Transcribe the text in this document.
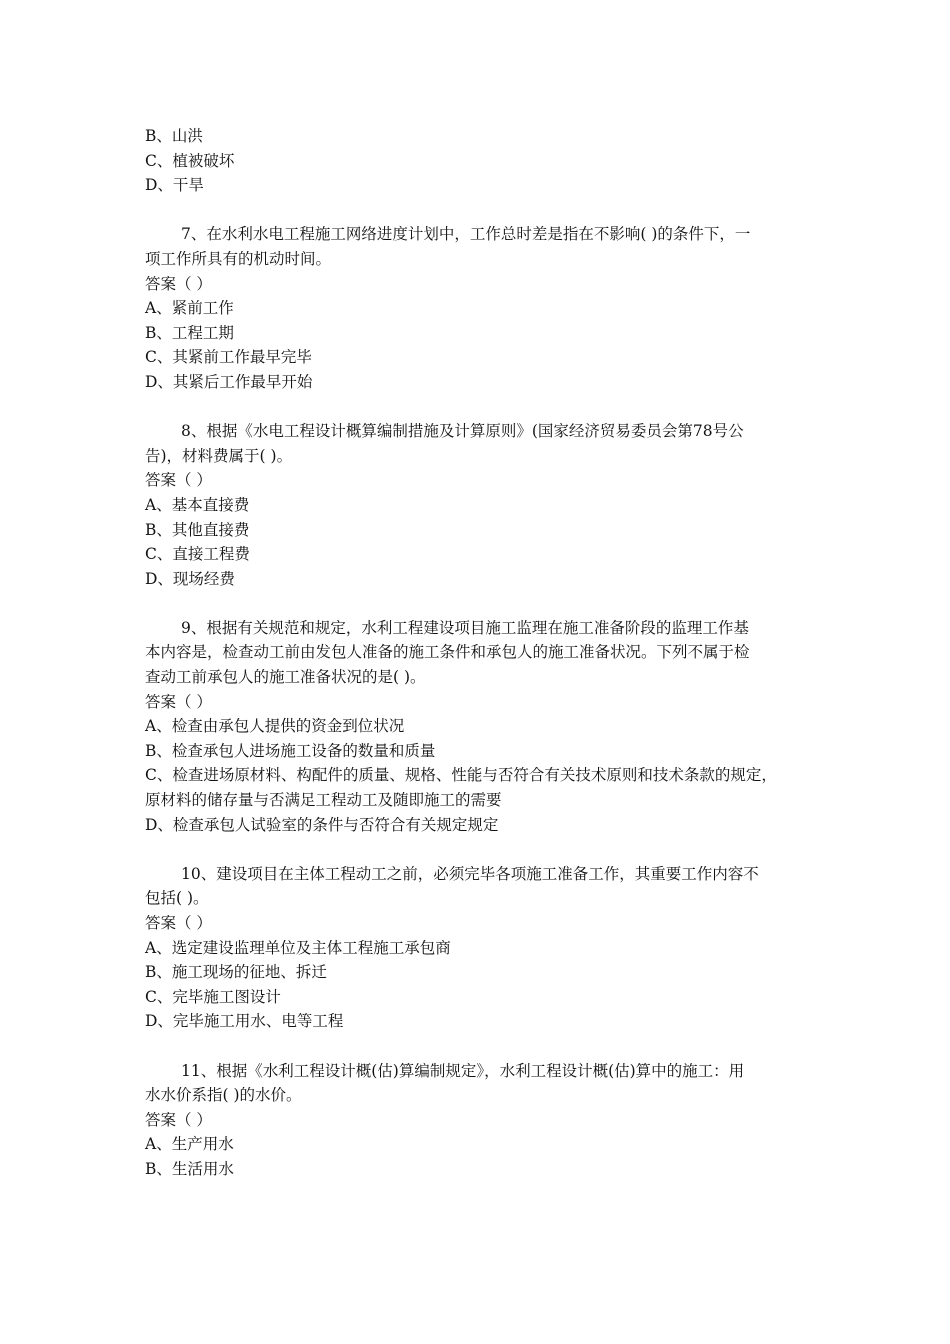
B、山洪
C、植被破坏
D、干旱
7、在水利水电工程施工网络进度计划中，工作总时差是指在不影响( )的条件下，一
项工作所具有的机动时间。
答案（ ）
A、紧前工作
B、工程工期
C、其紧前工作最早完毕
D、其紧后工作最早开始
8、根据《水电工程设计概算编制措施及计算原则》(国家经济贸易委员会第78号公
告)，材料费属于( )。
答案（ ）
A、基本直接费
B、其他直接费
C、直接工程费
D、现场经费
9、根据有关规范和规定，水利工程建设项目施工监理在施工准备阶段的监理工作基
本内容是，检查动工前由发包人准备的施工条件和承包人的施工准备状况。下列不属于检
查动工前承包人的施工准备状况的是( )。
答案（ ）
A、检查由承包人提供的资金到位状况
B、检查承包人进场施工设备的数量和质量
C、检查进场原材料、构配件的质量、规格、性能与否符合有关技术原则和技术条款的规定，
原材料的储存量与否满足工程动工及随即施工的需要
D、检查承包人试验室的条件与否符合有关规定规定
10、建设项目在主体工程动工之前，必须完毕各项施工准备工作，其重要工作内容不
包括( )。
答案（ ）
A、选定建设监理单位及主体工程施工承包商
B、施工现场的征地、拆迁
C、完毕施工图设计
D、完毕施工用水、电等工程
11、根据《水利工程设计概(估)算编制规定》，水利工程设计概(估)算中的施工：用
水水价系指( )的水价。
答案（ ）
A、生产用水
B、生活用水
